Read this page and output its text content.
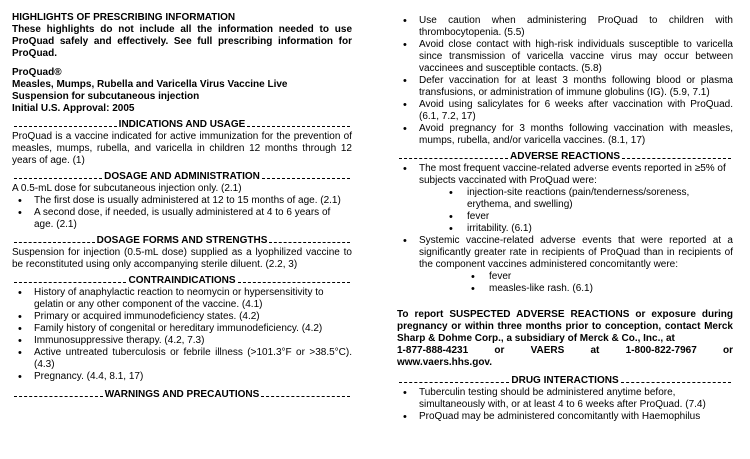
HIGHLIGHTS OF PRESCRIBING INFORMATION

These highlights do not include all the information needed to use ProQuad safely and effectively. See full prescribing information for ProQuad.

ProQuad®

Measles, Mumps, Rubella and Varicella Virus Vaccine Live

Suspension for subcutaneous injection

Initial U.S. Approval: 2005

INDICATIONS AND USAGE

ProQuad is a vaccine indicated for active immunization for the prevention of measles, mumps, rubella, and varicella in children 12 months through 12 years of age. (1)

DOSAGE AND ADMINISTRATION

A 0.5-mL dose for subcutaneous injection only. (2.1)

• The first dose is usually administered at 12 to 15 months of age. (2.1)
• A second dose, if needed, is usually administered at 4 to 6 years of age. (2.1)
DOSAGE FORMS AND STRENGTHS

Suspension for injection (0.5-mL dose) supplied as a lyophilized vaccine to be reconstituted using only accompanying sterile diluent. (2.2, 3)

CONTRAINDICATIONS
• History of anaphylactic reaction to neomycin or hypersensitivity to gelatin or any other component of the vaccine. (4.1)
• Primary or acquired immunodeficiency states. (4.2)
• Family history of congenital or hereditary immunodeficiency. (4.2)
• Immunosuppressive therapy. (4.2, 7.3)
• Active untreated tuberculosis or febrile illness (>101.3°F or >38.5°C). (4.3)
• Pregnancy. (4.4, 8.1, 17)
WARNINGS AND PRECAUTIONS
• Use caution when administering ProQuad to children with thrombocytopenia. (5.5)
• Avoid close contact with high-risk individuals susceptible to varicella since transmission of varicella vaccine virus may occur between vaccinees and susceptible contacts. (5.8)
• Defer vaccination for at least 3 months following blood or plasma transfusions, or administration of immune globulins (IG). (5.9, 7.1)
• Avoid using salicylates for 6 weeks after vaccination with ProQuad. (6.1, 7.2, 17)
• Avoid pregnancy for 3 months following vaccination with measles, mumps, rubella, and/or varicella vaccines. (8.1, 17)
ADVERSE REACTIONS
• The most frequent vaccine-related adverse events reported in ≥5% of subjects vaccinated with ProQuad were:
• injection-site reactions (pain/tenderness/soreness, erythema, and swelling)
• fever
• irritability. (6.1)
• Systemic vaccine-related adverse events that were reported at a significantly greater rate in recipients of ProQuad than in recipients of the component vaccines administered concomitantly were:
• fever
• measles-like rash. (6.1)
To report SUSPECTED ADVERSE REACTIONS or exposure during pregnancy or within three months prior to conception, contact Merck Sharp & Dohme Corp., a subsidiary of Merck & Co., Inc., at
1-877-888-4231	or	VAERS	at	1-800-822-7967	or
www.vaers.hhs.gov.
DRUG INTERACTIONS
• Tuberculin testing should be administered anytime before, simultaneously with, or at least 4 to 6 weeks after ProQuad. (7.4)
• ProQuad may be administered concomitantly with Haemophilus
